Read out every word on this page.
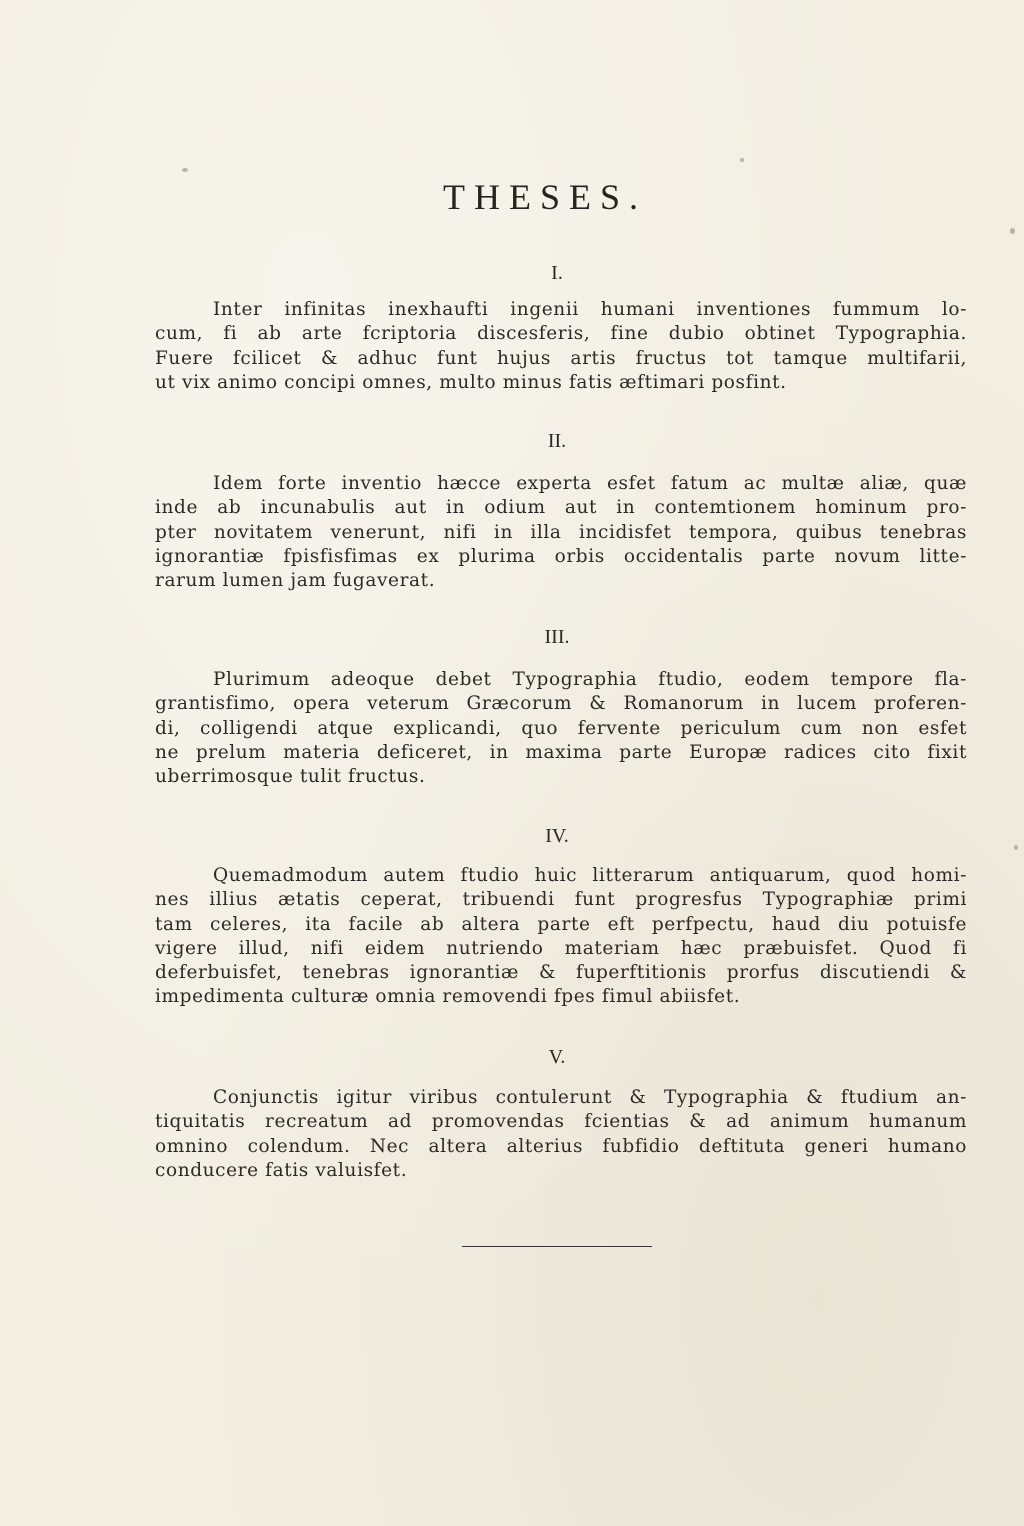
THESES.
I.
Inter infinitas inexhaufti ingenii humani inventiones fummum lo-
cum, fi ab arte fcriptoria discesferis, fine dubio obtinet Typographia.
Fuere fcilicet & adhuc funt hujus artis fructus tot tamque multifarii,
ut vix animo concipi omnes, multo minus fatis æftimari posfint.
II.
Idem forte inventio hæcce experta esfet fatum ac multæ aliæ, quæ
inde ab incunabulis aut in odium aut in contemtionem hominum pro-
pter novitatem venerunt, nifi in illa incidisfet tempora, quibus tenebras
ignorantiæ fpisfisfimas ex plurima orbis occidentalis parte novum litte-
rarum lumen jam fugaverat.
III.
Plurimum adeoque debet Typographia ftudio, eodem tempore fla-
grantisfimo, opera veterum Græcorum & Romanorum in lucem proferen-
di, colligendi atque explicandi, quo fervente periculum cum non esfet
ne prelum materia deficeret, in maxima parte Europæ radices cito fixit
uberrimosque tulit fructus.
IV.
Quemadmodum autem ftudio huic litterarum antiquarum, quod homi-
nes illius ætatis ceperat, tribuendi funt progresfus Typographiæ primi
tam celeres, ita facile ab altera parte eft perfpectu, haud diu potuisfe
vigere illud, nifi eidem nutriendo materiam hæc præbuisfet. Quod fi
deferbuisfet, tenebras ignorantiæ & fuperftitionis prorfus discutiendi &
impedimenta culturæ omnia removendi fpes fimul abiisfet.
V.
Conjunctis igitur viribus contulerunt & Typographia & ftudium an-
tiquitatis recreatum ad promovendas fcientias & ad animum humanum
omnino colendum. Nec altera alterius fubfidio deftituta generi humano
conducere fatis valuisfet.
